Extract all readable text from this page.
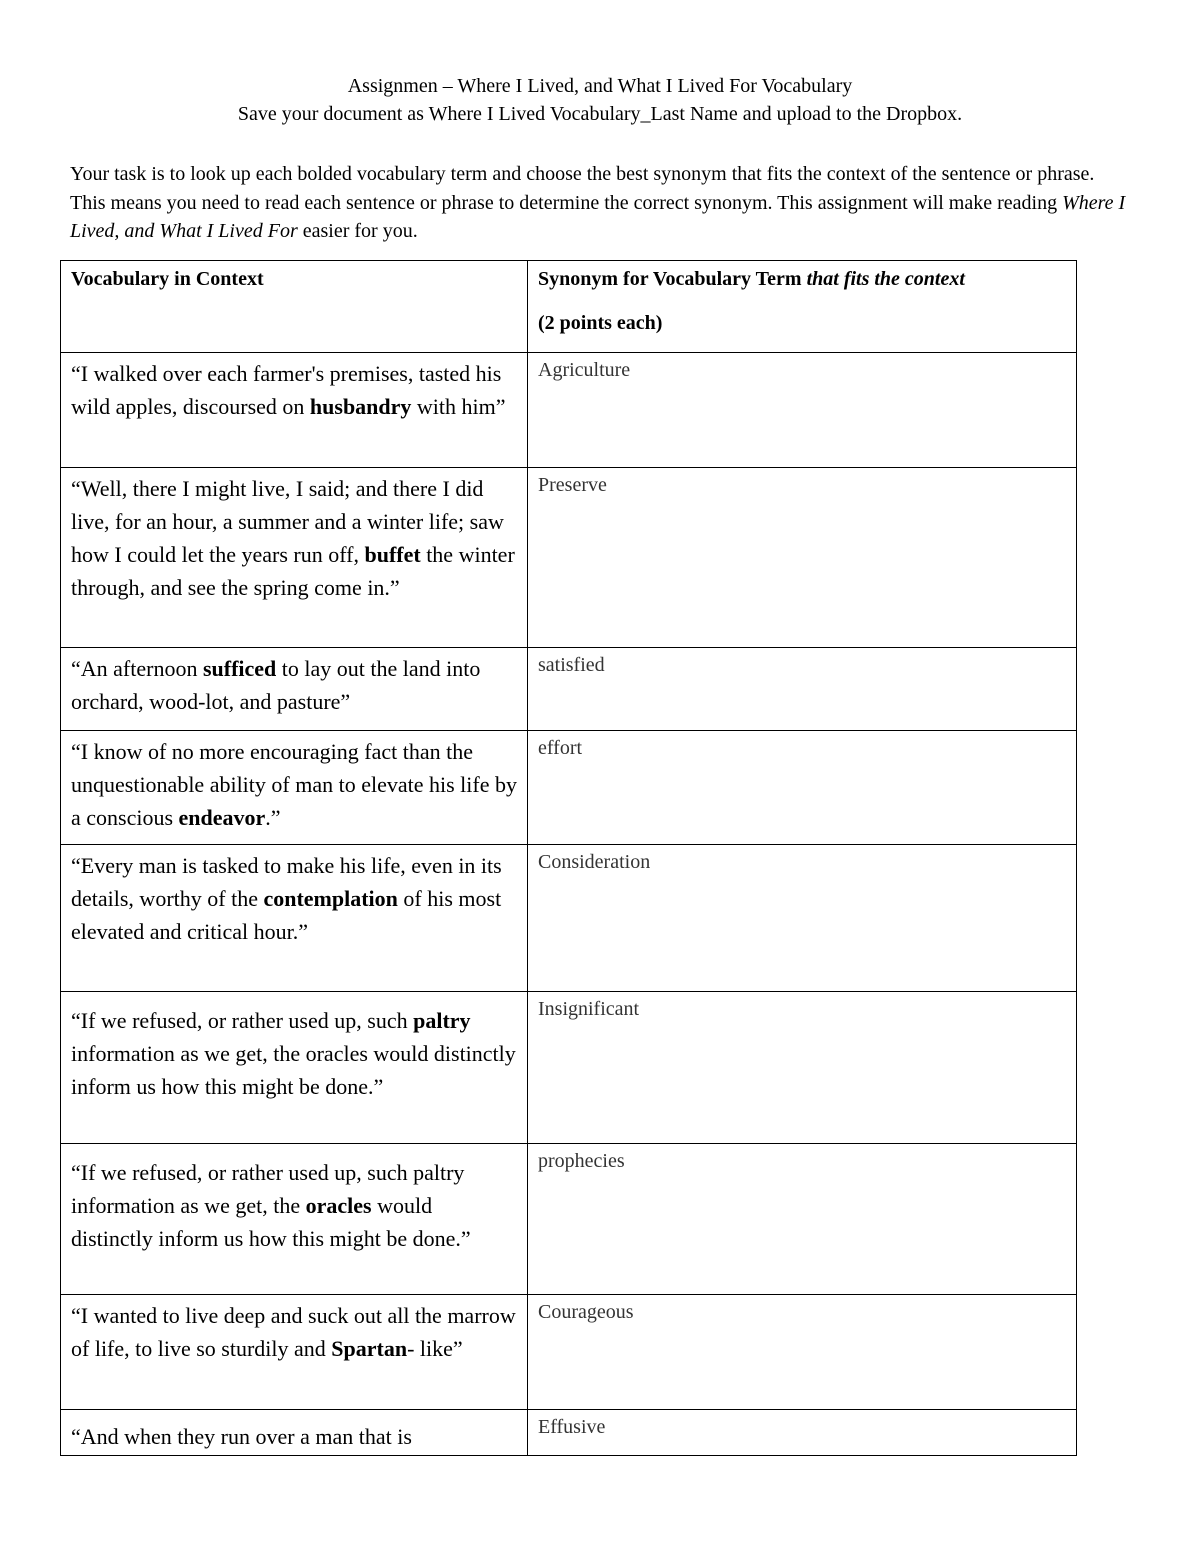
Assignmen – Where I Lived, and What I Lived For Vocabulary
Save your document as Where I Lived Vocabulary_Last Name and upload to the Dropbox.
Your task is to look up each bolded vocabulary term and choose the best synonym that fits the context of the sentence or phrase. This means you need to read each sentence or phrase to determine the correct synonym. This assignment will make reading Where I Lived, and What I Lived For easier for you.
Vocabulary in Context	Synonym for Vocabulary Term that fits the context
(2 points each)

“I walked over each farmer's premises, tasted his wild apples, discoursed on husbandry with him”	Agriculture
“Well, there I might live, I said; and there I did live, for an hour, a summer and a winter life; saw how I could let the years run off, buffet the winter through, and see the spring come in.”	Preserve
“An afternoon sufficed to lay out the land into orchard, wood-lot, and pasture”	satisfied
“I know of no more encouraging fact than the unquestionable ability of man to elevate his life by a conscious endeavor.”	effort
“Every man is tasked to make his life, even in its details, worthy of the contemplation of his most elevated and critical hour.”	Consideration
“If we refused, or rather used up, such paltry information as we get, the oracles would distinctly inform us how this might be done.”	Insignificant
“If we refused, or rather used up, such paltry information as we get, the oracles would distinctly inform us how this might be done.”	prophecies
“I wanted to live deep and suck out all the marrow of life, to live so sturdily and Spartan- like”	Courageous
“And when they run over a man that is	Effusive
